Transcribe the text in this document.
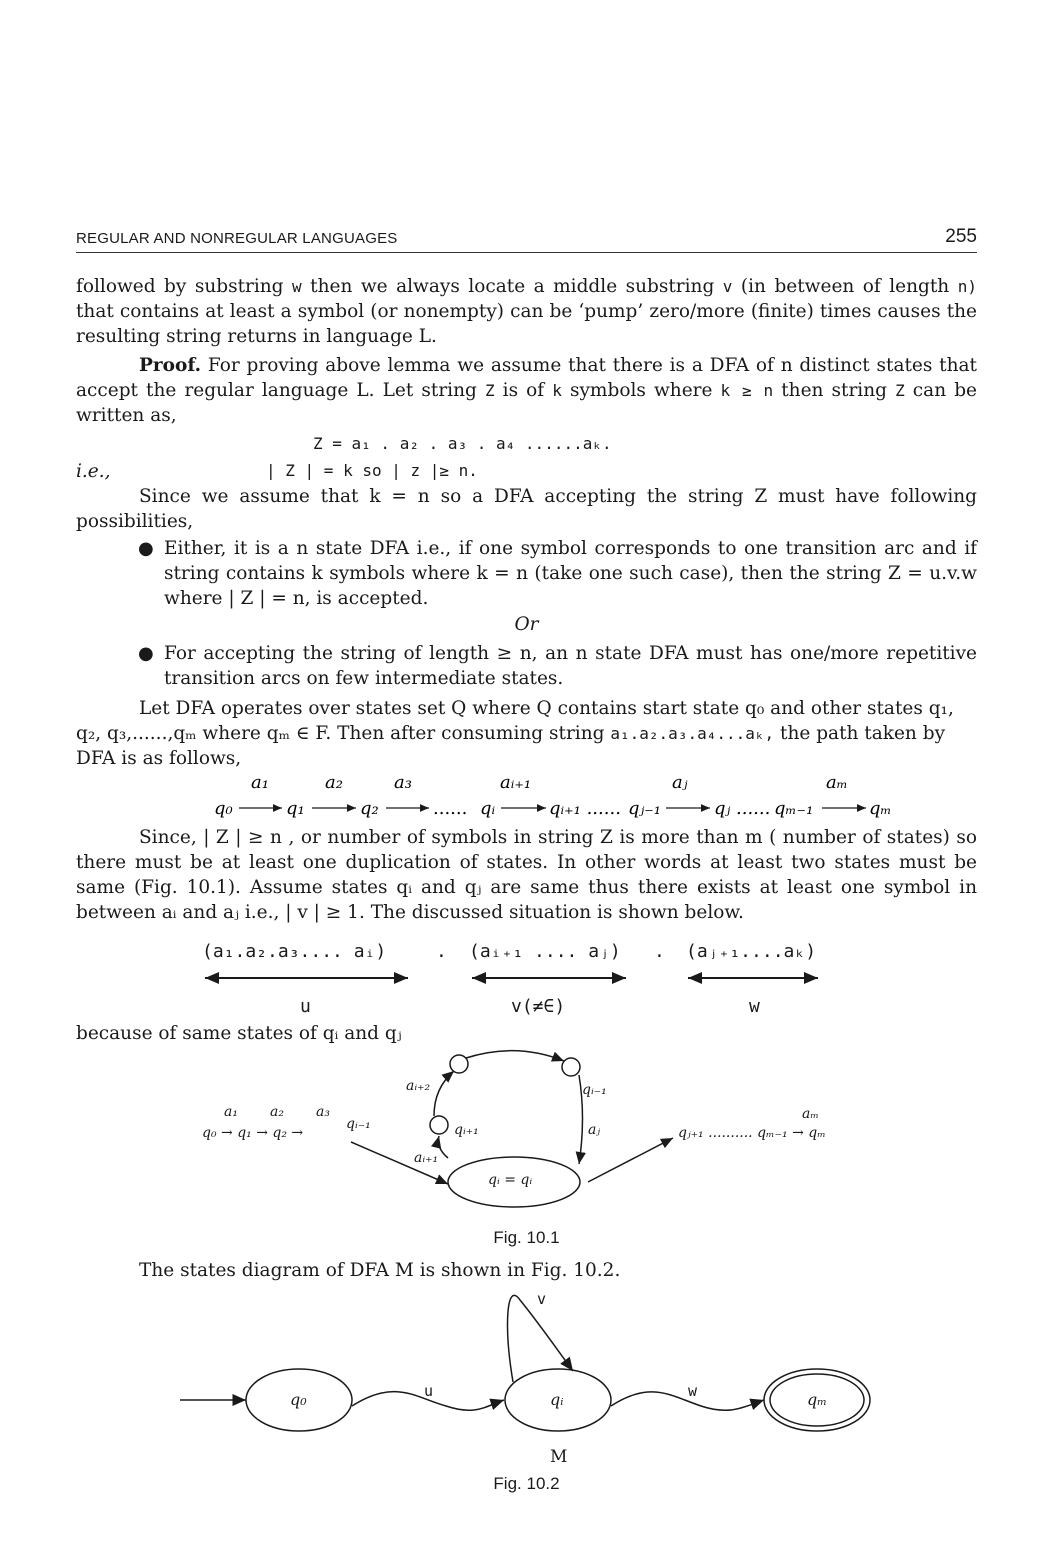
REGULAR AND NONREGULAR LANGUAGES	255
followed by substring w then we always locate a middle substring v (in between of length n) that contains at least a symbol (or nonempty) can be ‘pump’ zero/more (finite) times causes the resulting string returns in language L.
Proof. For proving above lemma we assume that there is a DFA of n distinct states that accept the regular language L. Let string Z is of k symbols where k ≥ n then string Z can be written as,
Z = a₁ . a₂ . a₃ . a₄ ......aₖ.
i.e.,	| Z | = k so | z |≥ n.
Since we assume that k = n so a DFA accepting the string Z must have following possibilities,
● Either, it is a n state DFA i.e., if one symbol corresponds to one transition arc and if string contains k symbols where k = n (take one such case), then the string Z = u.v.w where | Z | = n, is accepted.
Or
● For accepting the string of length ≥ n, an n state DFA must has one/more repetitive transition arcs on few intermediate states.
Let DFA operates over states set Q where Q contains start state q₀ and other states q₁,
q₂, q₃,......,qₘ where qₘ ∈ F. Then after consuming string a₁.a₂.a₃.a₄...aₖ, the path taken by
DFA is as follows,
q₀	q₁	q₂	...... qᵢ	qᵢ₊₁ ...... qⱼ₋₁	qⱼ ...... qₘ₋₁	qₘ
a₁	a₂	a₃	aᵢ₊₁	aⱼ	aₘ
Since, | Z | ≥ n , or number of symbols in string Z is more than m ( number of states) so there must be at least one duplication of states. In other words at least two states must be same (Fig. 10.1). Assume states qᵢ and qⱼ are same thus there exists at least one symbol in between aᵢ and aⱼ i.e., | v | ≥ 1. The discussed situation is shown below.
(a₁.a₂.a₃.... aᵢ)	. (aᵢ₊₁ .... aⱼ) . (aⱼ₊₁....aₖ)
u	v(≠∈)	w
because of same states of qᵢ and qⱼ
q₀ → q₁ → q₂ →
a₁ a₂ a₃
qᵢ₋₁
aᵢ₊₂
qᵢ₊₁
aᵢ₊₁
qᵢ₋₁
aⱼ
qᵢ = qᵢ
qⱼ₊₁ .......... qₘ₋₁ → qₘ
aₘ
Fig. 10.1
The states diagram of DFA M is shown in Fig. 10.2.
q₀	qᵢ	qₘ
u
v
w
M
Fig. 10.2
